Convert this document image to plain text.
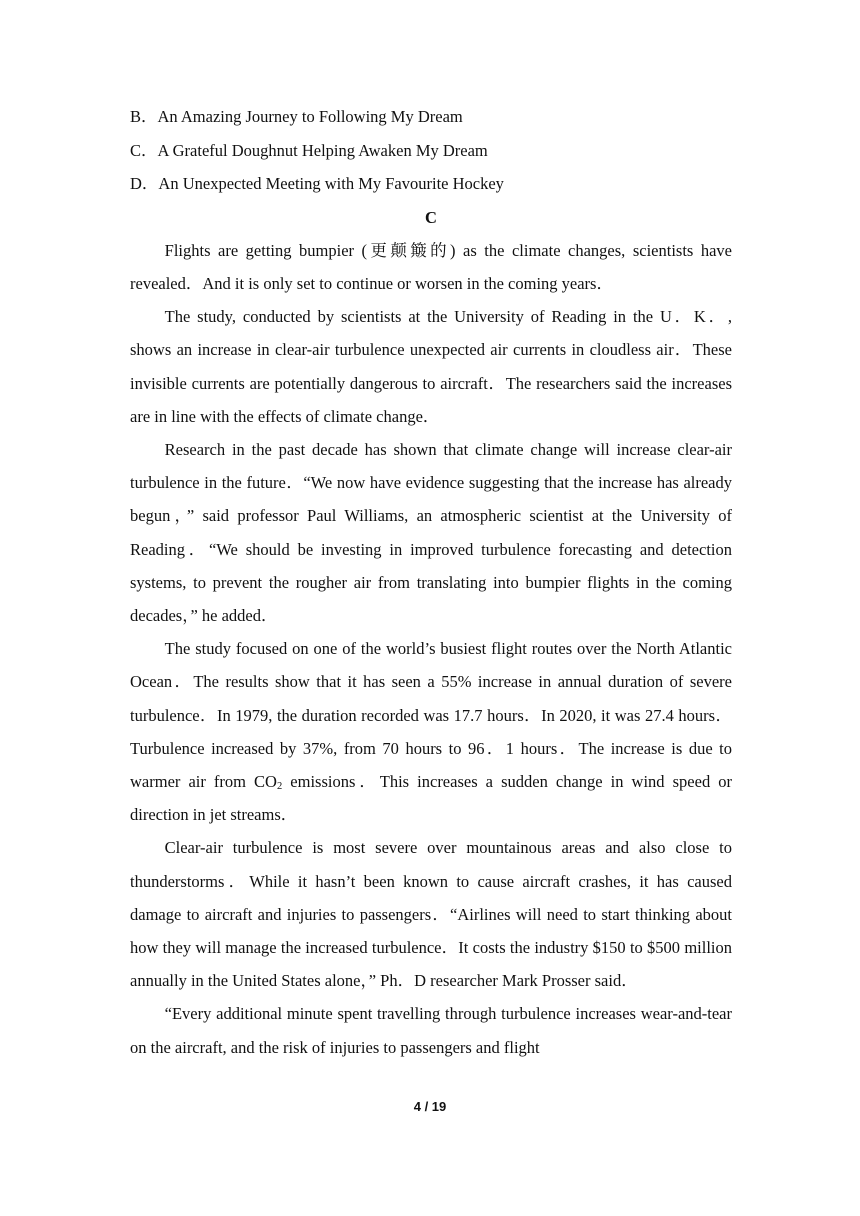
B．An Amazing Journey to Following My Dream
C．A Grateful Doughnut Helping Awaken My Dream
D．An Unexpected Meeting with My Favourite Hockey
C

Flights are getting bumpier (更颠簸的) as the climate changes, scientists have revealed．And it is only set to continue or worsen in the coming years．

The study, conducted by scientists at the University of Reading in the U．K．, shows an increase in clear-air turbulence unexpected air currents in cloudless air．These invisible currents are potentially dangerous to aircraft．The researchers said the increases are in line with the effects of climate change．

Research in the past decade has shown that climate change will increase clear-air turbulence in the future．“We now have evidence suggesting that the increase has already begun，” said professor Paul Williams, an atmospheric scientist at the University of Reading．“We should be investing in improved turbulence forecasting and detection systems, to prevent the rougher air from translating into bumpier flights in the coming decades，” he added．

The study focused on one of the world’s busiest flight routes over the North Atlantic Ocean．The results show that it has seen a 55% increase in annual duration of severe turbulence．In 1979, the duration recorded was 17.7 hours．In 2020, it was 27.4 hours．Turbulence increased by 37%, from 70 hours to 96．1 hours．The increase is due to warmer air from $CO_2$ emissions．This increases a sudden change in wind speed or direction in jet streams．

Clear-air turbulence is most severe over mountainous areas and also close to thunderstorms．While it hasn’t been known to cause aircraft crashes, it has caused damage to aircraft and injuries to passengers．“Airlines will need to start thinking about how they will manage the increased turbulence．It costs the industry $150 to $500 million annually in the United States alone，” Ph．D researcher Mark Prosser said．

“Every additional minute spent travelling through turbulence increases wear-and-tear on the aircraft, and the risk of injuries to passengers and flight

4 / 19
